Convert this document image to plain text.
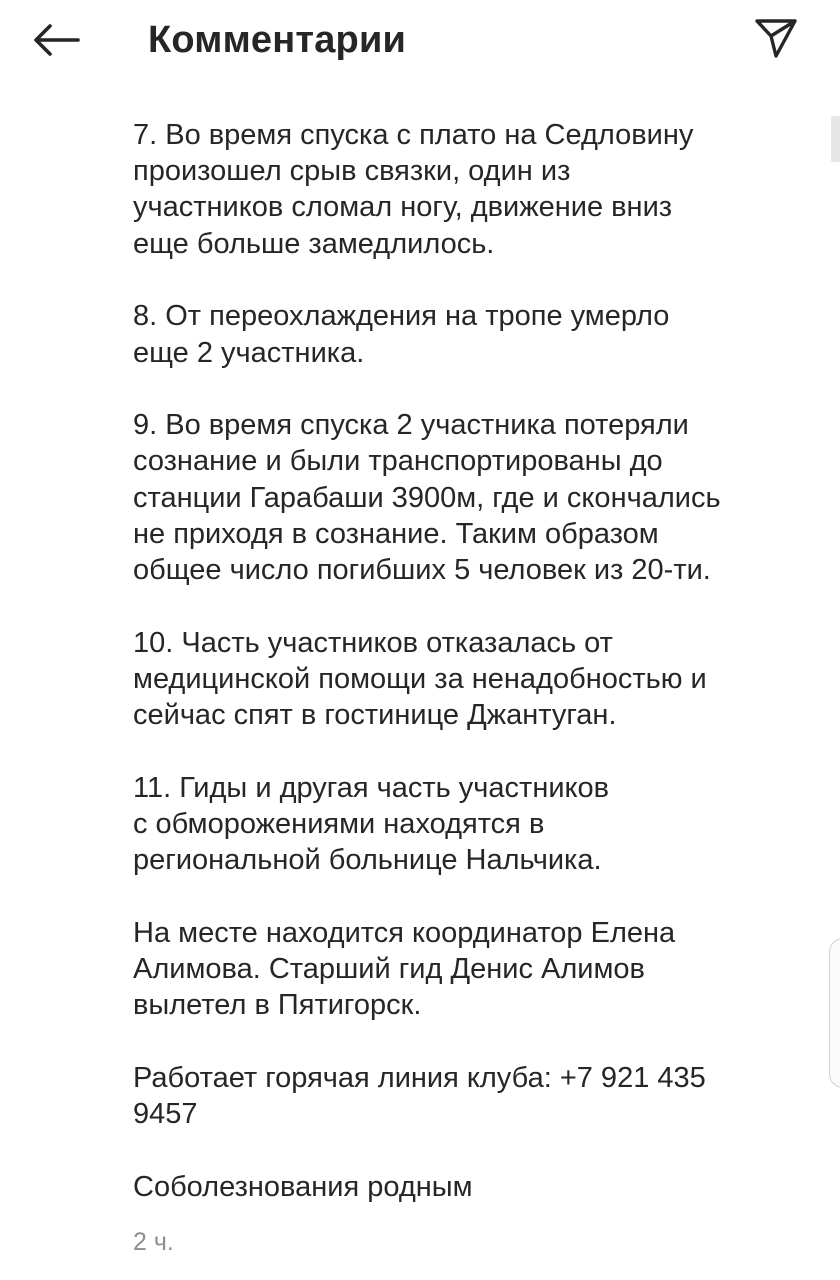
Комментарии

7. Во время спуска с плато на Седловину
произошел срыв связки, один из
участников сломал ногу, движение вниз
еще больше замедлилось.

8. От переохлаждения на тропе умерло
еще 2 участника.

9. Во время спуска 2 участника потеряли
сознание и были транспортированы до
станции Гарабаши 3900м, где и скончались
не приходя в сознание. Таким образом
общее число погибших 5 человек из 20-ти.

10. Часть участников отказалась от
медицинской помощи за ненадобностью и
сейчас спят в гостинице Джантуган.

11. Гиды и другая часть участников
с обморожениями находятся в
региональной больнице Нальчика.

На месте находится координатор Елена
Алимова. Старший гид Денис Алимов
вылетел в Пятигорск.

Работает горячая линия клуба: +7 921 435
9457

Соболезнования родным

2 ч.
